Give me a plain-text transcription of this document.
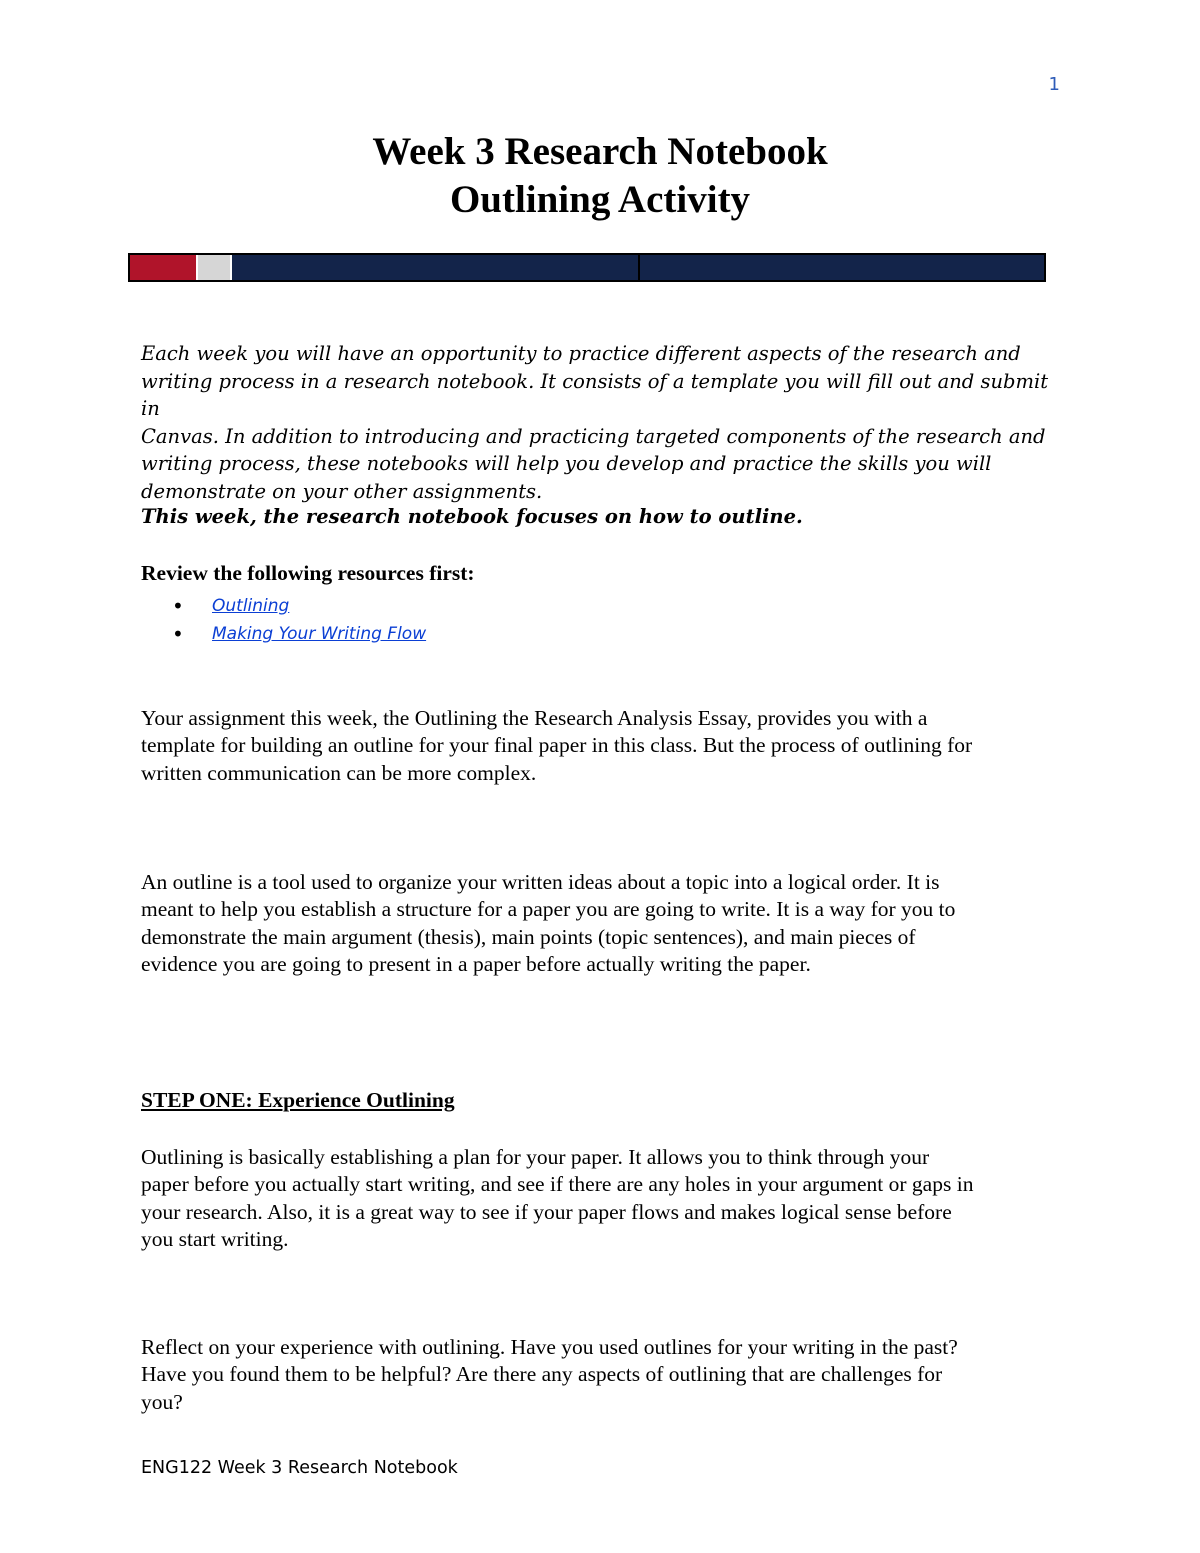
1
Week 3 Research Notebook
Outlining Activity
Each week you will have an opportunity to practice different aspects of the research and
writing process in a research notebook. It consists of a template you will fill out and submit in
Canvas. In addition to introducing and practicing targeted components of the research and
writing process, these notebooks will help you develop and practice the skills you will
demonstrate on your other assignments.
This week, the research notebook focuses on how to outline.
Review the following resources first:
•	Outlining
•	Making Your Writing Flow
Your assignment this week, the Outlining the Research Analysis Essay, provides you with a
template for building an outline for your final paper in this class. But the process of outlining for
written communication can be more complex.
An outline is a tool used to organize your written ideas about a topic into a logical order. It is
meant to help you establish a structure for a paper you are going to write. It is a way for you to
demonstrate the main argument (thesis), main points (topic sentences), and main pieces of
evidence you are going to present in a paper before actually writing the paper.
STEP ONE: Experience Outlining
Outlining is basically establishing a plan for your paper. It allows you to think through your
paper before you actually start writing, and see if there are any holes in your argument or gaps in
your research. Also, it is a great way to see if your paper flows and makes logical sense before
you start writing.
Reflect on your experience with outlining. Have you used outlines for your writing in the past?
Have you found them to be helpful? Are there any aspects of outlining that are challenges for
you?
ENG122 Week 3 Research Notebook
